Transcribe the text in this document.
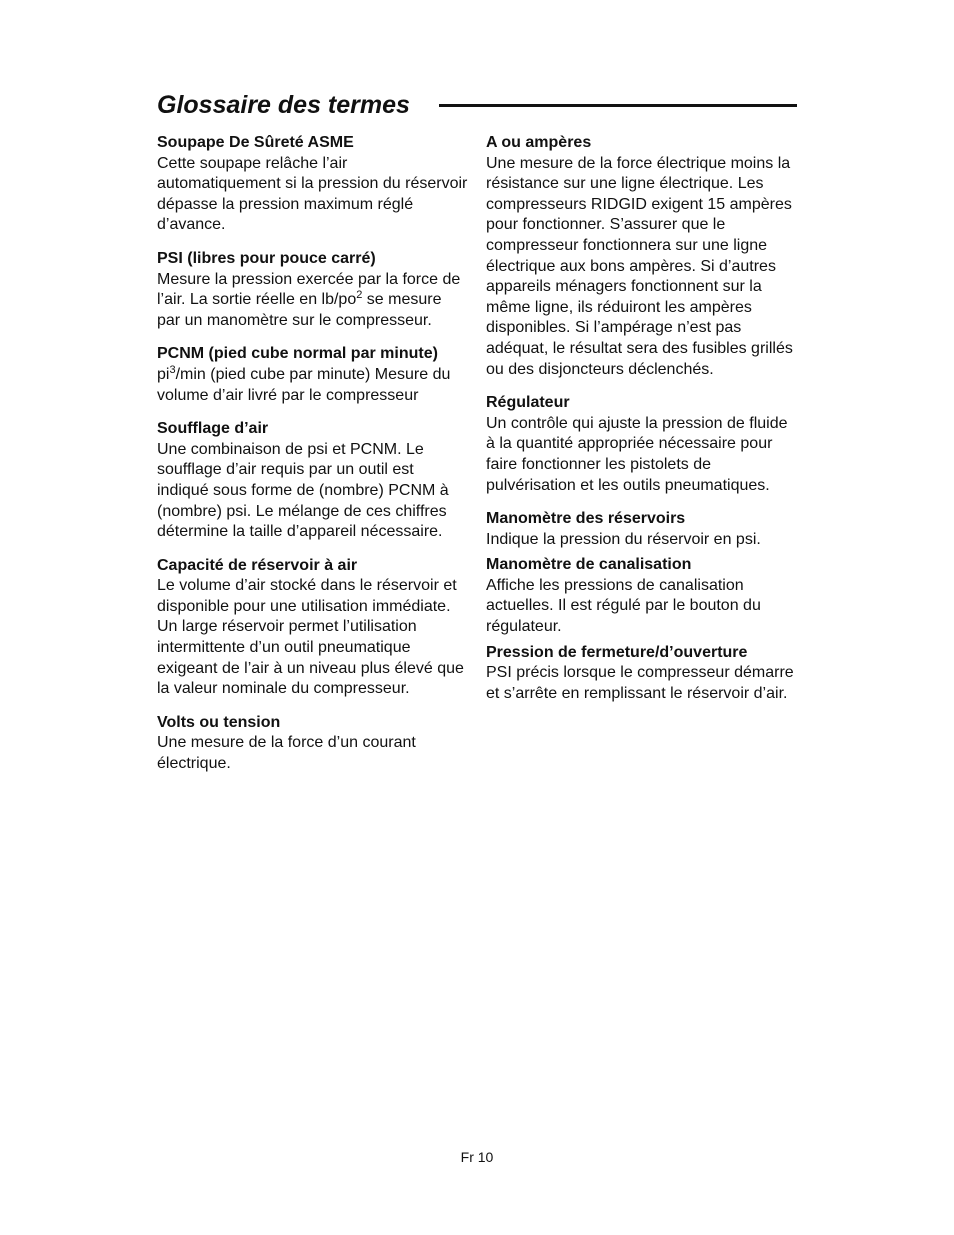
Glossaire des termes
Soupape De Sûreté ASME
Cette soupape relâche l’air automatiquement si la pression du réservoir dépasse la pression maximum réglé d’avance.
PSI (libres pour pouce carré)
Mesure la pression exercée par la force de l’air. La sortie réelle en $lb/po^2$ se mesure par un manomètre sur le compresseur.
PCNM (pied cube normal par minute)
$pi^3/\min$ (pied cube par minute) Mesure du volume d’air livré par le compresseur
Soufflage d’air
Une combinaison de psi et PCNM. Le soufflage d’air requis par un outil est indiqué sous forme de (nombre) PCNM à (nombre) psi. Le mélange de ces chiffres détermine la taille d’appareil nécessaire.
Capacité de réservoir à air
Le volume d’air stocké dans le réservoir et disponible pour une utilisation immédiate. Un large réservoir permet l’utilisation intermittente d’un outil pneumatique exigeant de l’air à un niveau plus élevé que la valeur nominale du compresseur.
Volts ou tension
Une mesure de la force d’un courant électrique.
A ou ampères
Une mesure de la force électrique moins la résistance sur une ligne électrique. Les compresseurs RIDGID exigent 15 ampères pour fonctionner. S’assurer que le compresseur fonctionnera sur une ligne électrique aux bons ampères. Si d’autres appareils ménagers fonctionnent sur la même ligne, ils réduiront les ampères disponibles. Si l’ampérage n’est pas adéquat, le résultat sera des fusibles grillés ou des disjoncteurs déclenchés.
Régulateur
Un contrôle qui ajuste la pression de fluide à la quantité appropriée nécessaire pour faire fonctionner les pistolets de pulvérisation et les outils pneumatiques.
Manomètre des réservoirs
Indique la pression du réservoir en psi.
Manomètre de canalisation
Affiche les pressions de canalisation actuelles. Il est régulé par le bouton du régulateur.
Pression de fermeture/d’ouverture
PSI précis lorsque le compresseur démarre et s’arrête en remplissant le réservoir d’air.
Fr 10
